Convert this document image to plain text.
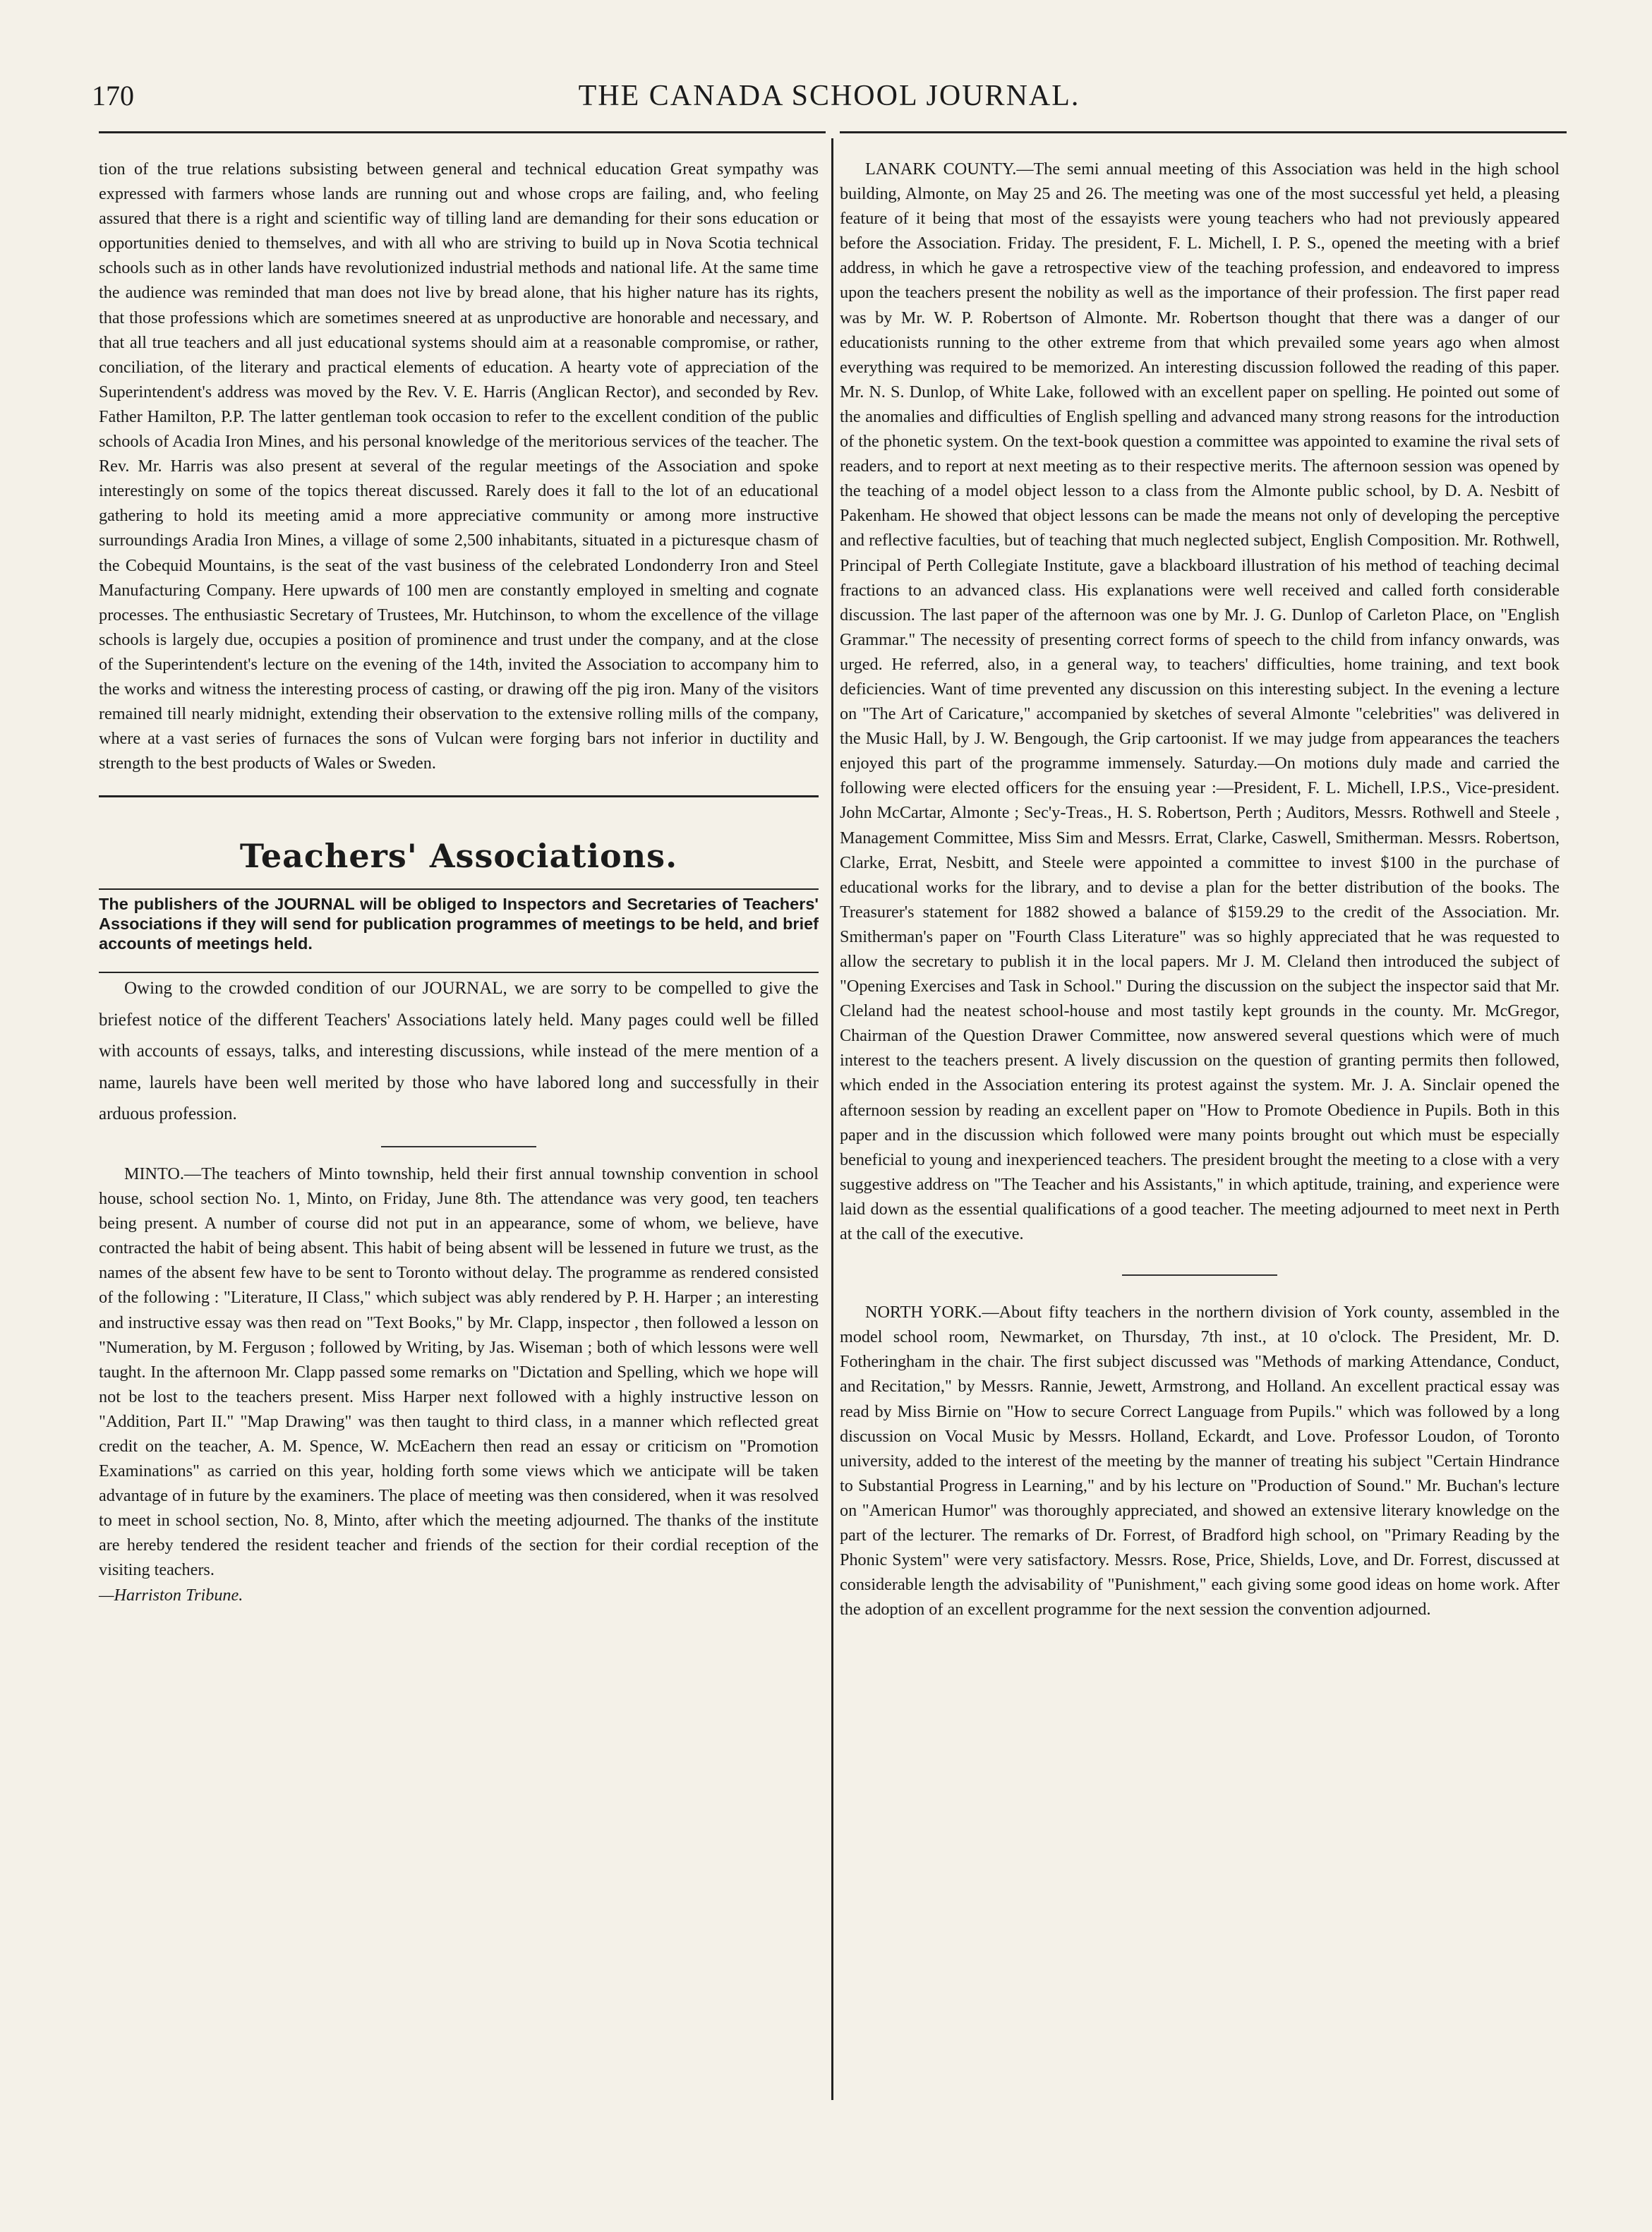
170	THE CANADA SCHOOL JOURNAL.

tion of the true relations subsisting between general and technical education Great sympathy was expressed with farmers whose lands are running out and whose crops are failing, and, who feeling assured that there is a right and scientific way of tilling land are demanding for their sons education or opportunities denied to themselves, and with all who are striving to build up in Nova Scotia technical schools such as in other lands have revolutionized industrial methods and national life. At the same time the audience was reminded that man does not live by bread alone, that his higher nature has its rights, that those professions which are sometimes sneered at as unproductive are honorable and necessary, and that all true teachers and all just educational systems should aim at a reasonable compromise, or rather, conciliation, of the literary and practical elements of education. A hearty vote of appreciation of the Superintendent's address was moved by the Rev. V. E. Harris (Anglican Rector), and seconded by Rev. Father Hamilton, P.P. The latter gentleman took occasion to refer to the excellent condition of the public schools of Acadia Iron Mines, and his personal knowledge of the meritorious services of the teacher. The Rev. Mr. Harris was also present at several of the regular meetings of the Association and spoke interestingly on some of the topics thereat discussed. Rarely does it fall to the lot of an educational gathering to hold its meeting amid a more appreciative community or among more instructive surroundings Aradia Iron Mines, a village of some 2,500 inhabitants, situated in a picturesque chasm of the Cobequid Mountains, is the seat of the vast business of the celebrated Londonderry Iron and Steel Manufacturing Company. Here upwards of 100 men are constantly employed in smelting and cognate processes. The enthusiastic Secretary of Trustees, Mr. Hutchinson, to whom the excellence of the village schools is largely due, occupies a position of prominence and trust under the company, and at the close of the Superintendent's lecture on the evening of the 14th, invited the Association to accompany him to the works and witness the interesting process of casting, or drawing off the pig iron. Many of the visitors remained till nearly midnight, extending their observation to the extensive rolling mills of the company, where at a vast series of furnaces the sons of Vulcan were forging bars not inferior in ductility and strength to the best products of Wales or Sweden.

Teachers' Associations.

The publishers of the JOURNAL will be obliged to Inspectors and Secretaries of Teachers' Associations if they will send for publication programmes of meetings to be held, and brief accounts of meetings held.

Owing to the crowded condition of our JOURNAL, we are sorry to be compelled to give the briefest notice of the different Teachers' Associations lately held. Many pages could well be filled with accounts of essays, talks, and interesting discussions, while instead of the mere mention of a name, laurels have been well merited by those who have labored long and successfully in their arduous profession.

MINTO.—The teachers of Minto township, held their first annual township convention in school house, school section No. 1, Minto, on Friday, June 8th. The attendance was very good, ten teachers being present. A number of course did not put in an appearance, some of whom, we believe, have contracted the habit of being absent. This habit of being absent will be lessened in future we trust, as the names of the absent few have to be sent to Toronto without delay. The programme as rendered consisted of the following : "Literature, II Class," which subject was ably rendered by P. H. Harper ; an interesting and instructive essay was then read on "Text Books," by Mr. Clapp, inspector , then followed a lesson on "Numeration, by M. Ferguson ; followed by Writing, by Jas. Wiseman ; both of which lessons were well taught. In the afternoon Mr. Clapp passed some remarks on "Dictation and Spelling, which we hope will not be lost to the teachers present. Miss Harper next followed with a highly instructive lesson on "Addition, Part II." "Map Drawing" was then taught to third class, in a manner which reflected great credit on the teacher, A. M. Spence, W. McEachern then read an essay or criticism on "Promotion Examinations" as carried on this year, holding forth some views which we anticipate will be taken advantage of in future by the examiners. The place of meeting was then considered, when it was resolved to meet in school section, No. 8, Minto, after which the meeting adjourned. The thanks of the institute are hereby tendered the resident teacher and friends of the section for their cordial reception of the visiting teachers.

—Harriston Tribune.

LANARK COUNTY.—The semi annual meeting of this Association was held in the high school building, Almonte, on May 25 and 26. The meeting was one of the most successful yet held, a pleasing feature of it being that most of the essayists were young teachers who had not previously appeared before the Association. Friday. The president, F. L. Michell, I. P. S., opened the meeting with a brief address, in which he gave a retrospective view of the teaching profession, and endeavored to impress upon the teachers present the nobility as well as the importance of their profession. The first paper read was by Mr. W. P. Robertson of Almonte. Mr. Robertson thought that there was a danger of our educationists running to the other extreme from that which prevailed some years ago when almost everything was required to be memorized. An interesting discussion followed the reading of this paper. Mr. N. S. Dunlop, of White Lake, followed with an excellent paper on spelling. He pointed out some of the anomalies and difficulties of English spelling and advanced many strong reasons for the introduction of the phonetic system. On the text-book question a committee was appointed to examine the rival sets of readers, and to report at next meeting as to their respective merits. The afternoon session was opened by the teaching of a model object lesson to a class from the Almonte public school, by D. A. Nesbitt of Pakenham. He showed that object lessons can be made the means not only of developing the perceptive and reflective faculties, but of teaching that much neglected subject, English Composition. Mr. Rothwell, Principal of Perth Collegiate Institute, gave a blackboard illustration of his method of teaching decimal fractions to an advanced class. His explanations were well received and called forth considerable discussion. The last paper of the afternoon was one by Mr. J. G. Dunlop of Carleton Place, on "English Grammar." The necessity of presenting correct forms of speech to the child from infancy onwards, was urged. He referred, also, in a general way, to teachers' difficulties, home training, and text book deficiencies. Want of time prevented any discussion on this interesting subject. In the evening a lecture on "The Art of Caricature," accompanied by sketches of several Almonte "celebrities" was delivered in the Music Hall, by J. W. Bengough, the Grip cartoonist. If we may judge from appearances the teachers enjoyed this part of the programme immensely. Saturday.—On motions duly made and carried the following were elected officers for the ensuing year :—President, F. L. Michell, I.P.S., Vice-president. John McCartar, Almonte ; Sec'y-Treas., H. S. Robertson, Perth ; Auditors, Messrs. Rothwell and Steele , Management Committee, Miss Sim and Messrs. Errat, Clarke, Caswell, Smitherman. Messrs. Robertson, Clarke, Errat, Nesbitt, and Steele were appointed a committee to invest $100 in the purchase of educational works for the library, and to devise a plan for the better distribution of the books. The Treasurer's statement for 1882 showed a balance of $159.29 to the credit of the Association. Mr. Smitherman's paper on "Fourth Class Literature" was so highly appreciated that he was requested to allow the secretary to publish it in the local papers. Mr J. M. Cleland then introduced the subject of "Opening Exercises and Task in School." During the discussion on the subject the inspector said that Mr. Cleland had the neatest school-house and most tastily kept grounds in the county. Mr. McGregor, Chairman of the Question Drawer Committee, now answered several questions which were of much interest to the teachers present. A lively discussion on the question of granting permits then followed, which ended in the Association entering its protest against the system. Mr. J. A. Sinclair opened the afternoon session by reading an excellent paper on "How to Promote Obedience in Pupils. Both in this paper and in the discussion which followed were many points brought out which must be especially beneficial to young and inexperienced teachers. The president brought the meeting to a close with a very suggestive address on "The Teacher and his Assistants," in which aptitude, training, and experience were laid down as the essential qualifications of a good teacher. The meeting adjourned to meet next in Perth at the call of the executive.

NORTH YORK.—About fifty teachers in the northern division of York county, assembled in the model school room, Newmarket, on Thursday, 7th inst., at 10 o'clock. The President, Mr. D. Fotheringham in the chair. The first subject discussed was "Methods of marking Attendance, Conduct, and Recitation," by Messrs. Rannie, Jewett, Armstrong, and Holland. An excellent practical essay was read by Miss Birnie on "How to secure Correct Language from Pupils." which was followed by a long discussion on Vocal Music by Messrs. Holland, Eckardt, and Love. Professor Loudon, of Toronto university, added to the interest of the meeting by the manner of treating his subject "Certain Hindrance to Substantial Progress in Learning," and by his lecture on "Production of Sound." Mr. Buchan's lecture on "American Humor" was thoroughly appreciated, and showed an extensive literary knowledge on the part of the lecturer. The remarks of Dr. Forrest, of Bradford high school, on "Primary Reading by the Phonic System" were very satisfactory. Messrs. Rose, Price, Shields, Love, and Dr. Forrest, discussed at considerable length the advisability of "Punishment," each giving some good ideas on home work. After the adoption of an excellent programme for the next session the convention adjourned.
